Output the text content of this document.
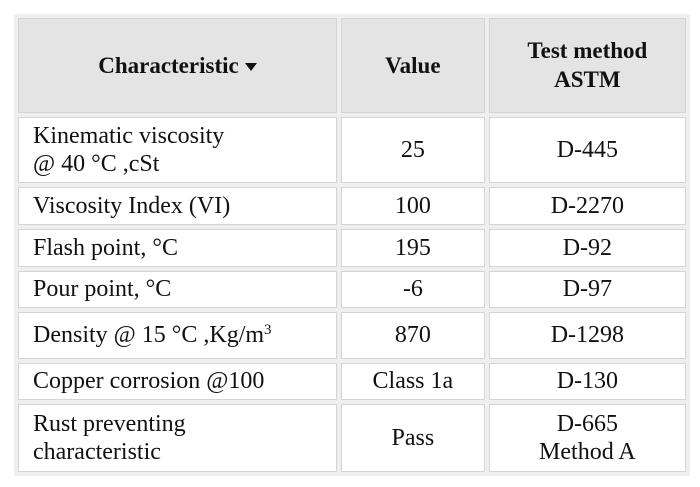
Characteristic	Value	Test method
ASTM

Kinematic viscosity
@ 40 °C ,cSt	25	D-445
Viscosity Index (VI)	100	D-2270
Flash point, °C	195	D-92
Pour point, °C	-6	D-97
Density @ 15 °C $,Kg/m^3$	870	D-1298
Copper corrosion @100	Class 1a	D-130

Rust preventing
characteristic	Pass	D-665
Method A
